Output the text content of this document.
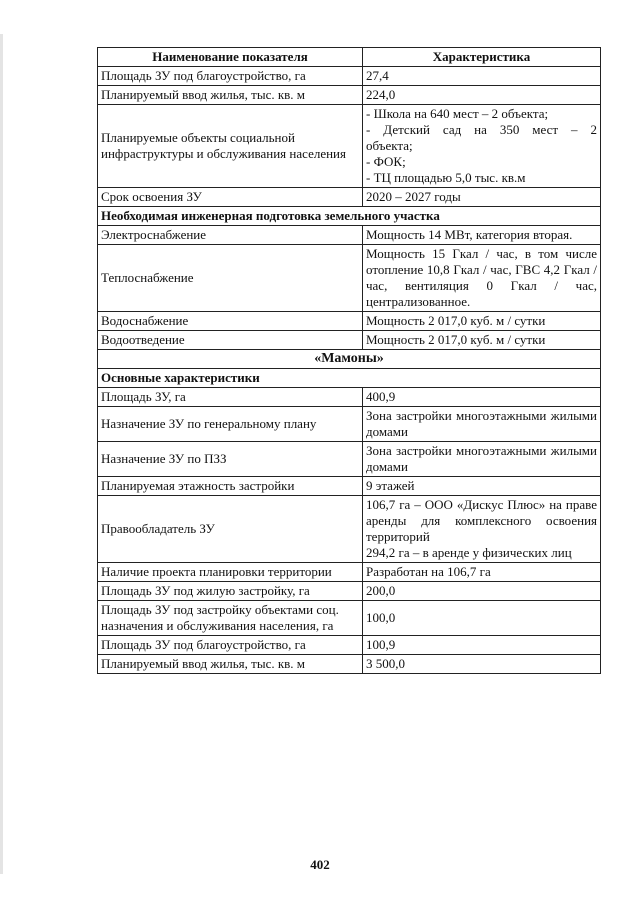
Наименование показателя	Характеристика
Площадь ЗУ под благоустройство, га	27,4
Планируемый ввод жилья, тыс. кв. м	224,0
Планируемые объекты социальной инфраструктуры и обслуживания населения	- Школа на 640 мест – 2 объекта;
- Детский сад на 350 мест – 2
объекта;
- ФОК;
- ТЦ площадью 5,0 тыс. кв.м

Срок освоения ЗУ	2020 – 2027 годы
Необходимая инженерная подготовка земельного участка	
Электроснабжение	Мощность 14 МВт, категория вторая.
Теплоснабжение	Мощность 15 Гкал / час, в том числе отопление 10,8 Гкал / час, ГВС 4,2 Гкал / час, вентиляция 0 Гкал / час, централизованное.
Водоснабжение	Мощность 2 017,0 куб. м / сутки
Водоотведение	Мощность 2 017,0 куб. м / сутки
«Мамоны»	
Основные характеристики	
Площадь ЗУ, га	400,9
Назначение ЗУ по генеральному плану	Зона застройки многоэтажными жилыми домами
Назначение ЗУ по ПЗЗ	Зона застройки многоэтажными жилыми домами
Планируемая этажность застройки	9 этажей
Правообладатель ЗУ	106,7 га – ООО «Дискус Плюс» на праве аренды для комплексного освоения территорий
294,2 га – в аренде у физических лиц

Наличие проекта планировки территории	Разработан на 106,7 га
Площадь ЗУ под жилую застройку, га	200,0
Площадь ЗУ под застройку объектами соц. назначения и обслуживания населения, га	100,0
Площадь ЗУ под благоустройство, га	100,9
Планируемый ввод жилья, тыс. кв. м	3 500,0
402
